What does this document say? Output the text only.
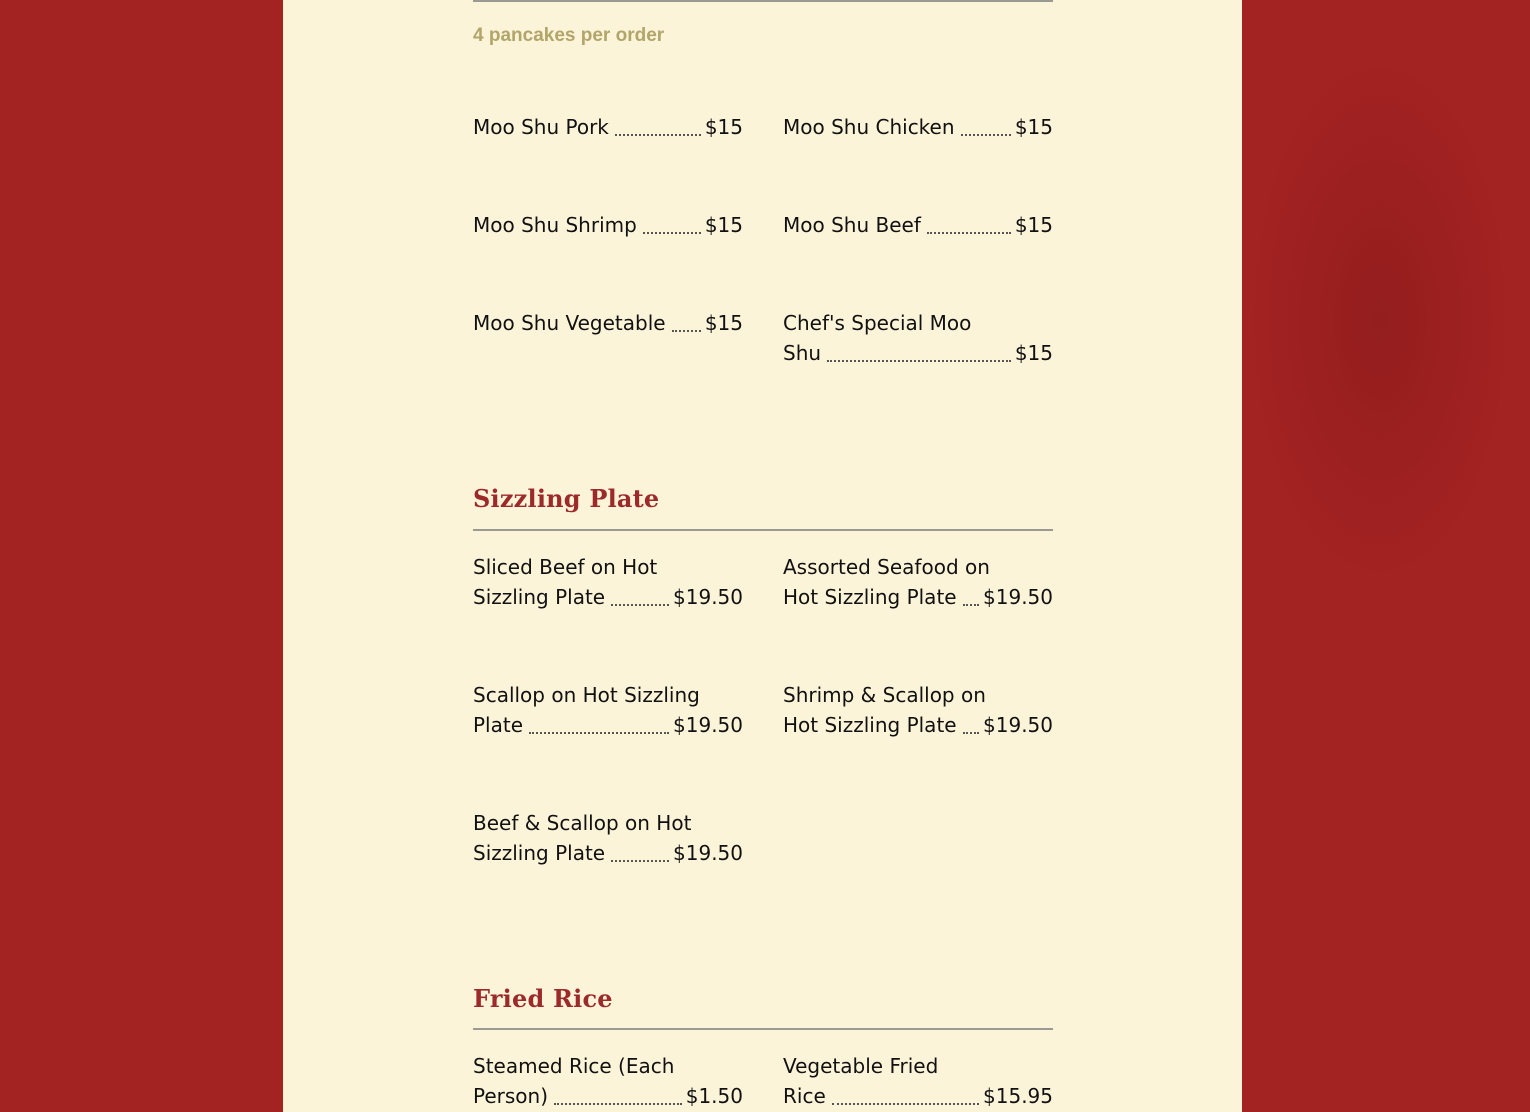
4 pancakes per order
Moo Shu Pork	$15 Moo Shu Chicken	$15
Moo Shu Shrimp	$15 Moo Shu Beef	$15
Moo Shu Vegetable $15 Chef's Special Moo
Shu	$15
Sizzling Plate
Sliced Beef on Hot
Sizzling Plate	$19.50
Assorted Seafood on
Hot Sizzling Plate $19.50
Scallop on Hot Sizzling
Plate	$19.50
Shrimp & Scallop on
Hot Sizzling Plate $19.50
Beef & Scallop on Hot
Sizzling Plate	$19.50
Fried Rice
Steamed Rice (Each
Person)	$1.50
Vegetable Fried
Rice	$15.95
